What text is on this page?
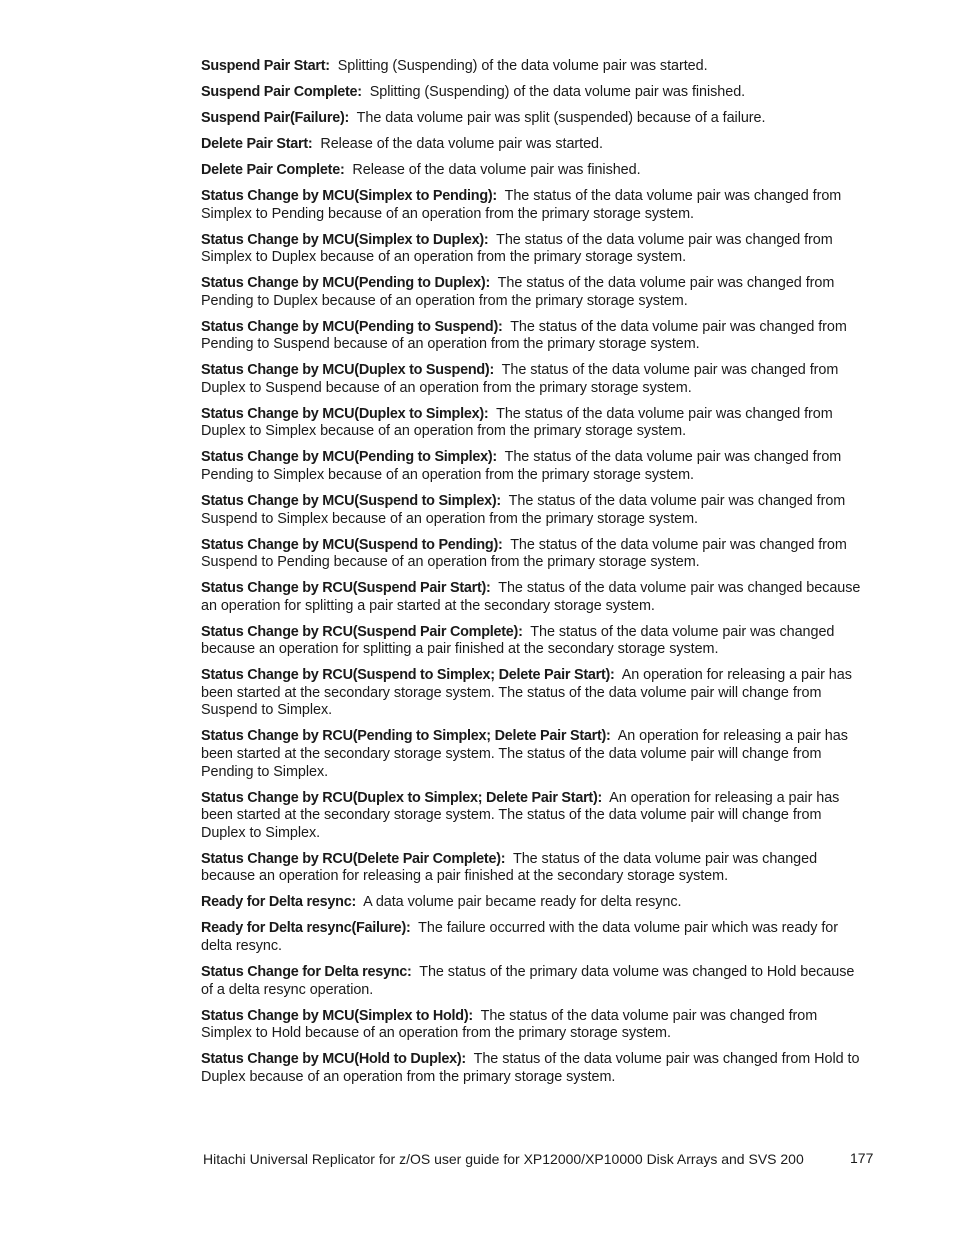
Suspend Pair Start: Splitting (Suspending) of the data volume pair was started.

Suspend Pair Complete: Splitting (Suspending) of the data volume pair was finished.

Suspend Pair(Failure): The data volume pair was split (suspended) because of a failure.

Delete Pair Start: Release of the data volume pair was started.

Delete Pair Complete: Release of the data volume pair was finished.

Status Change by MCU(Simplex to Pending): The status of the data volume pair was changed from Simplex to Pending because of an operation from the primary storage system.

Status Change by MCU(Simplex to Duplex): The status of the data volume pair was changed from Simplex to Duplex because of an operation from the primary storage system.

Status Change by MCU(Pending to Duplex): The status of the data volume pair was changed from Pending to Duplex because of an operation from the primary storage system.

Status Change by MCU(Pending to Suspend): The status of the data volume pair was changed from Pending to Suspend because of an operation from the primary storage system.

Status Change by MCU(Duplex to Suspend): The status of the data volume pair was changed from Duplex to Suspend because of an operation from the primary storage system.

Status Change by MCU(Duplex to Simplex): The status of the data volume pair was changed from Duplex to Simplex because of an operation from the primary storage system.

Status Change by MCU(Pending to Simplex): The status of the data volume pair was changed from Pending to Simplex because of an operation from the primary storage system.

Status Change by MCU(Suspend to Simplex): The status of the data volume pair was changed from Suspend to Simplex because of an operation from the primary storage system.

Status Change by MCU(Suspend to Pending): The status of the data volume pair was changed from Suspend to Pending because of an operation from the primary storage system.

Status Change by RCU(Suspend Pair Start): The status of the data volume pair was changed because an operation for splitting a pair started at the secondary storage system.

Status Change by RCU(Suspend Pair Complete): The status of the data volume pair was changed because an operation for splitting a pair finished at the secondary storage system.

Status Change by RCU(Suspend to Simplex; Delete Pair Start): An operation for releasing a pair has been started at the secondary storage system. The status of the data volume pair will change from Suspend to Simplex.

Status Change by RCU(Pending to Simplex; Delete Pair Start): An operation for releasing a pair has been started at the secondary storage system. The status of the data volume pair will change from Pending to Simplex.

Status Change by RCU(Duplex to Simplex; Delete Pair Start): An operation for releasing a pair has been started at the secondary storage system. The status of the data volume pair will change from Duplex to Simplex.

Status Change by RCU(Delete Pair Complete): The status of the data volume pair was changed because an operation for releasing a pair finished at the secondary storage system.

Ready for Delta resync: A data volume pair became ready for delta resync.

Ready for Delta resync(Failure): The failure occurred with the data volume pair which was ready for delta resync.

Status Change for Delta resync: The status of the primary data volume was changed to Hold because of a delta resync operation.

Status Change by MCU(Simplex to Hold): The status of the data volume pair was changed from Simplex to Hold because of an operation from the primary storage system.

Status Change by MCU(Hold to Duplex): The status of the data volume pair was changed from Hold to Duplex because of an operation from the primary storage system.

Hitachi Universal Replicator for z/OS user guide for XP12000/XP10000 Disk Arrays and SVS 200	177
